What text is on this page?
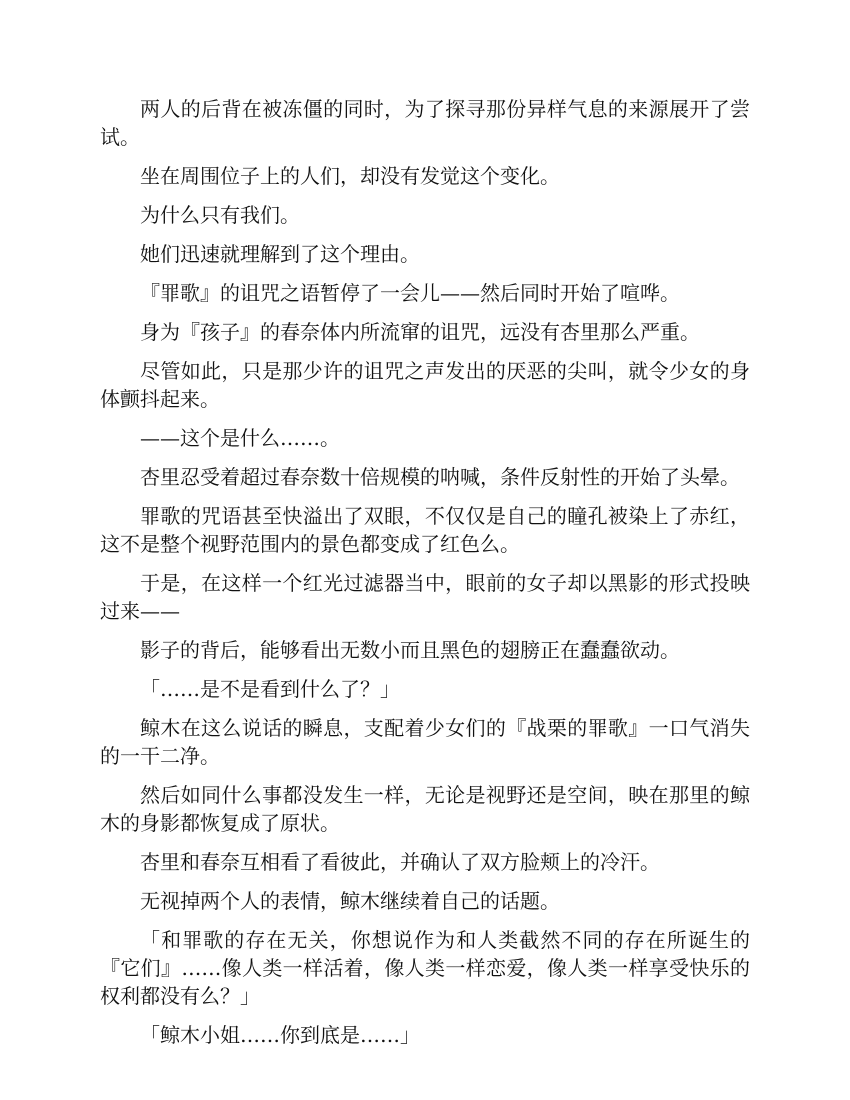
两人的后背在被冻僵的同时，为了探寻那份异样气息的来源展开了尝试。

坐在周围位子上的人们，却没有发觉这个变化。

为什么只有我们。

她们迅速就理解到了这个理由。

『罪歌』的诅咒之语暂停了一会儿——然后同时开始了喧哗。

身为『孩子』的春奈体内所流窜的诅咒，远没有杏里那么严重。

尽管如此，只是那少许的诅咒之声发出的厌恶的尖叫，就令少女的身体颤抖起来。

——这个是什么……。

杏里忍受着超过春奈数十倍规模的呐喊，条件反射性的开始了头晕。

罪歌的咒语甚至快溢出了双眼，不仅仅是自己的瞳孔被染上了赤红，这不是整个视野范围内的景色都变成了红色么。

于是，在这样一个红光过滤器当中，眼前的女子却以黑影的形式投映过来——

影子的背后，能够看出无数小而且黑色的翅膀正在蠢蠢欲动。

「……是不是看到什么了？」

鲸木在这么说话的瞬息，支配着少女们的『战栗的罪歌』一口气消失的一干二净。

然后如同什么事都没发生一样，无论是视野还是空间，映在那里的鲸木的身影都恢复成了原状。

杏里和春奈互相看了看彼此，并确认了双方脸颊上的冷汗。

无视掉两个人的表情，鲸木继续着自己的话题。

「和罪歌的存在无关，你想说作为和人类截然不同的存在所诞生的『它们』……像人类一样活着，像人类一样恋爱，像人类一样享受快乐的权利都没有么？」

「鲸木小姐……你到底是……」
